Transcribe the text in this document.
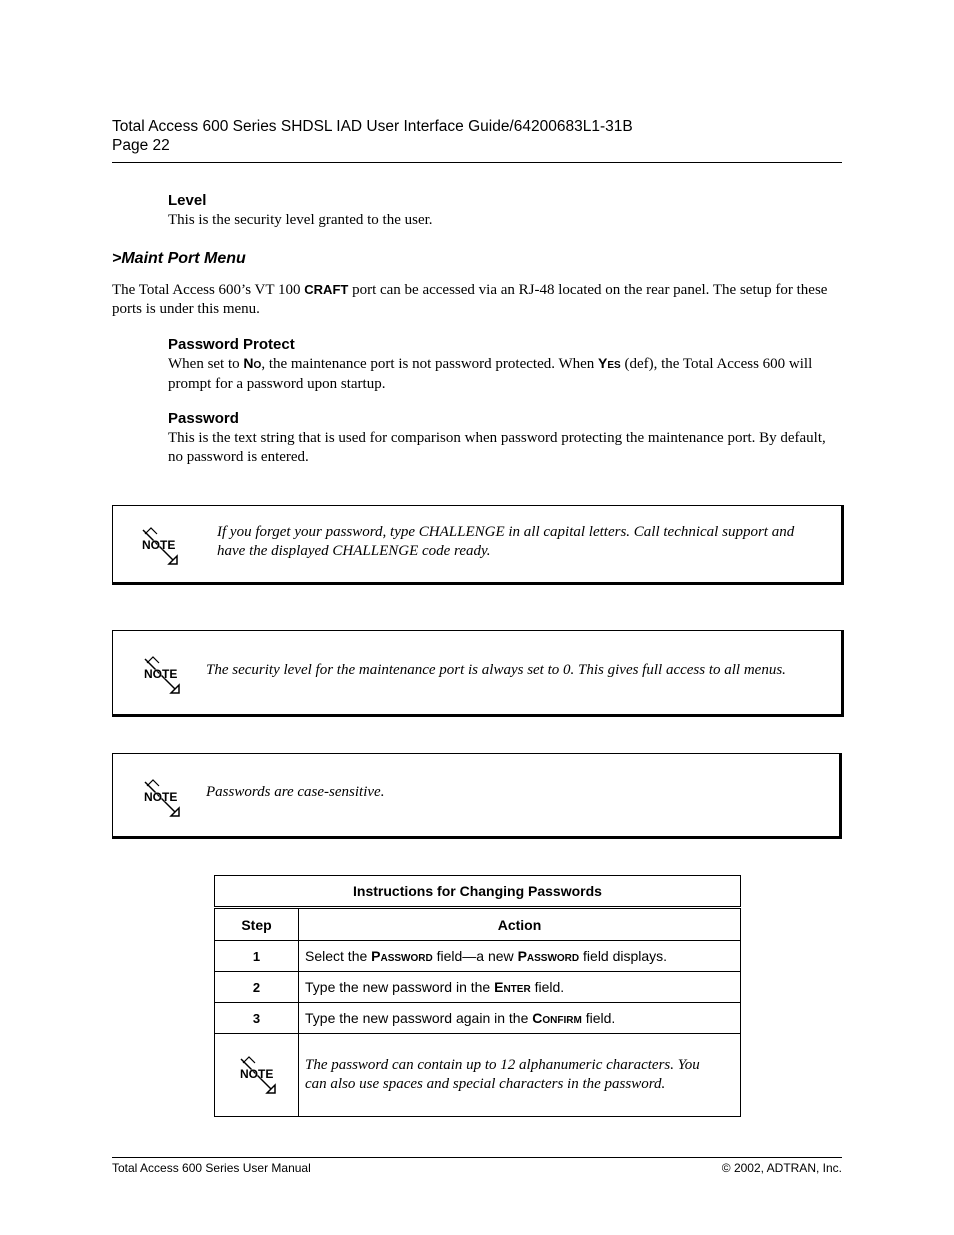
Total Access 600 Series SHDSL IAD User Interface Guide/64200683L1-31B
Page 22
Level
This is the security level granted to the user.
>Maint Port Menu
The Total Access 600’s VT 100 CRAFT port can be accessed via an RJ-48 located on the rear panel. The setup for these ports is under this menu.
Password Protect
When set to NO, the maintenance port is not password protected. When YES (def), the Total Access 600 will prompt for a password upon startup.
Password
This is the text string that is used for comparison when password protecting the maintenance port. By default, no password is entered.
NOTE
If you forget your password, type CHALLENGE in all capital letters. Call technical support and have the displayed CHALLENGE code ready.
NOTE The security level for the maintenance port is always set to 0. This gives full access to all menus.
NOTE Passwords are case-sensitive.
Instructions for Changing Passwords	
Step	Action
1	Select the PASSWORD field—a new PASSWORD field displays.
2	Type the new password in the ENTER field.
3	Type the new password again in the CONFIRM field.

NOTE	The password can contain up to 12 alphanumeric characters. You can also use spaces and special characters in the password.
Total Access 600 Series User Manual	© 2002, ADTRAN, Inc.
